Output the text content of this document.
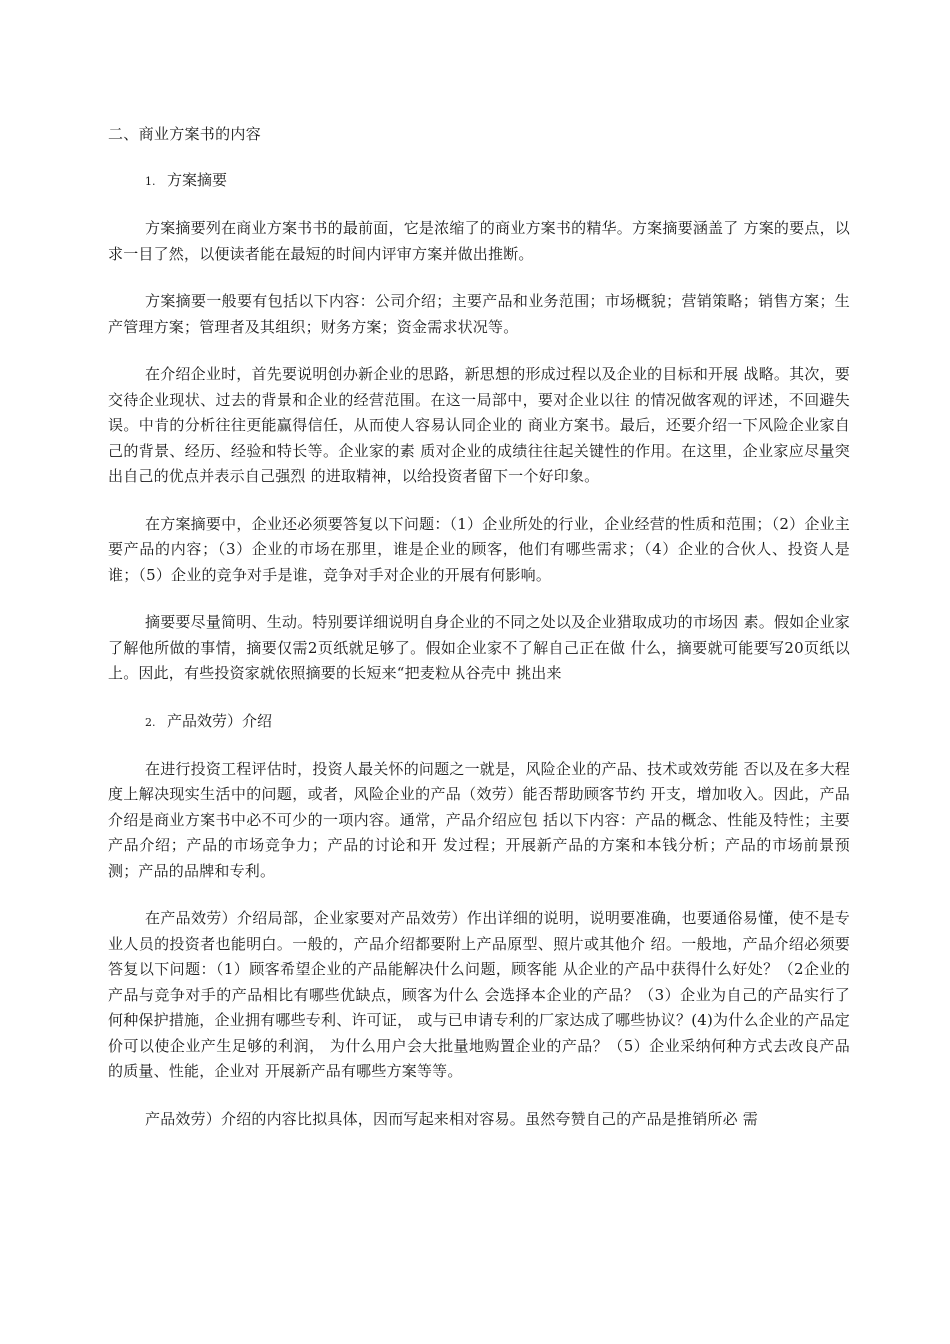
二、商业方案书的内容
1. 方案摘要

方案摘要列在商业方案书书的最前面，它是浓缩了的商业方案书的精华。方案摘要涵盖了 方案的要点，以求一目了然，以便读者能在最短的时间内评审方案并做出推断。

方案摘要一般要有包括以下内容：公司介绍；主要产品和业务范围；市场概貌；营销策略；销售方案；生产管理方案；管理者及其组织；财务方案；资金需求状况等。

在介绍企业时，首先要说明创办新企业的思路，新思想的形成过程以及企业的目标和开展 战略。其次，要交待企业现状、过去的背景和企业的经营范围。在这一局部中，要对企业以往 的情况做客观的评述，不回避失误。中肯的分析往往更能赢得信任，从而使人容易认同企业的 商业方案书。最后，还要介绍一下风险企业家自己的背景、经历、经验和特长等。企业家的素 质对企业的成绩往往起关键性的作用。在这里，企业家应尽量突出自己的优点并表示自己强烈 的进取精神，以给投资者留下一个好印象。

在方案摘要中，企业还必须要答复以下问题：（1）企业所处的行业，企业经营的性质和范围；（2）企业主要产品的内容；（3）企业的市场在那里，谁是企业的顾客，他们有哪些需求；（4）企业的合伙人、投资人是谁；（5）企业的竞争对手是谁，竞争对手对企业的开展有何影响。

摘要要尽量简明、生动。特别要详细说明自身企业的不同之处以及企业猎取成功的市场因 素。假如企业家了解他所做的事情，摘要仅需2页纸就足够了。假如企业家不了解自己正在做 什么，摘要就可能要写20页纸以上。因此，有些投资家就依照摘要的长短来“把麦粒从谷壳中 挑出来

2. 产品效劳）介绍

在进行投资工程评估时，投资人最关怀的问题之一就是，风险企业的产品、技术或效劳能 否以及在多大程度上解决现实生活中的问题，或者，风险企业的产品（效劳）能否帮助顾客节约 开支，增加收入。因此，产品介绍是商业方案书中必不可少的一项内容。通常，产品介绍应包 括以下内容：产品的概念、性能及特性；主要产品介绍；产品的市场竞争力；产品的讨论和开 发过程；开展新产品的方案和本钱分析；产品的市场前景预测；产品的品牌和专利。

在产品效劳）介绍局部，企业家要对产品效劳）作出详细的说明，说明要准确，也要通俗易懂，使不是专业人员的投资者也能明白。一般的，产品介绍都要附上产品原型、照片或其他介 绍。一般地，产品介绍必须要答复以下问题：（1）顾客希望企业的产品能解决什么问题，顾客能 从企业的产品中获得什么好处？（2企业的产品与竞争对手的产品相比有哪些优缺点，顾客为什么 会选择本企业的产品？（3）企业为自己的产品实行了何种保护措施，企业拥有哪些专利、许可证， 或与已申请专利的厂家达成了哪些协议？(4)为什么企业的产品定价可以使企业产生足够的利润， 为什么用户会大批量地购置企业的产品？（5）企业采纳何种方式去改良产品的质量、性能，企业对 开展新产品有哪些方案等等。

产品效劳）介绍的内容比拟具体，因而写起来相对容易。虽然夸赞自己的产品是推销所必 需
